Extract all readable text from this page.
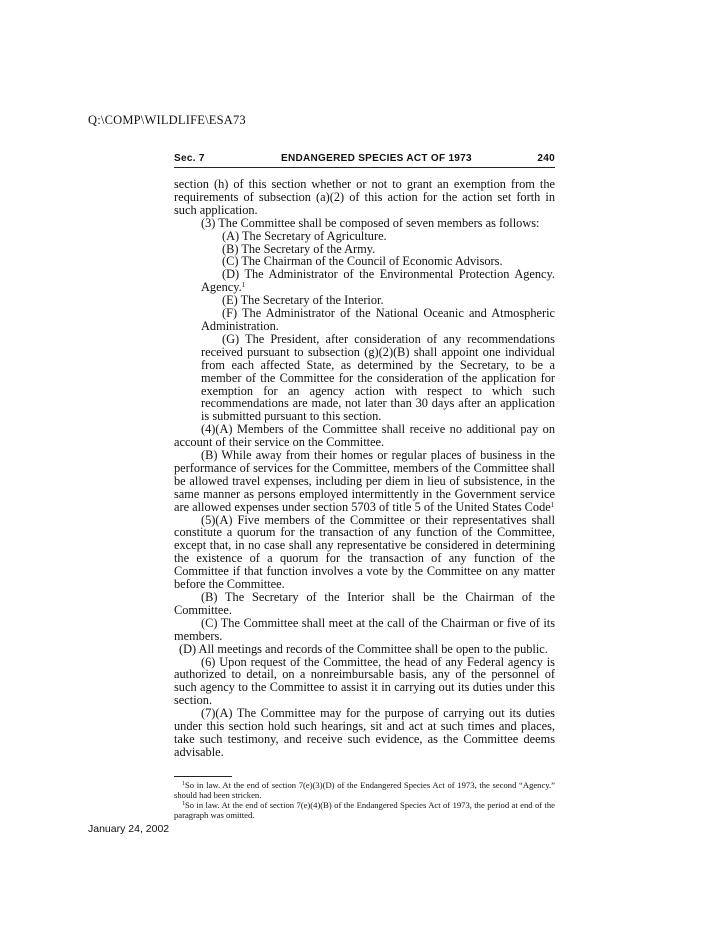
Q:\COMP\WILDLIFE\ESA73
Sec. 7	ENDANGERED SPECIES ACT OF 1973	240

section (h) of this section whether or not to grant an exemption from the requirements of subsection (a)(2) of this action for the action set forth in such application.

(3) The Committee shall be composed of seven members as follows:

(A) The Secretary of Agriculture.

(B) The Secretary of the Army.

(C) The Chairman of the Council of Economic Advisors.

(D) The Administrator of the Environmental Protection Agency. Agency.$^1$

(E) The Secretary of the Interior.

(F) The Administrator of the National Oceanic and Atmospheric Administration.

(G) The President, after consideration of any recommendations received pursuant to subsection (g)(2)(B) shall appoint one individual from each affected State, as determined by the Secretary, to be a member of the Committee for the consideration of the application for exemption for an agency action with respect to which such recommendations are made, not later than 30 days after an application is submitted pursuant to this section.

(4)(A) Members of the Committee shall receive no additional pay on account of their service on the Committee.

(B) While away from their homes or regular places of business in the performance of services for the Committee, members of the Committee shall be allowed travel expenses, including per diem in lieu of subsistence, in the same manner as persons employed intermittently in the Government service are allowed expenses under section 5703 of title 5 of the United States Code$^1$

(5)(A) Five members of the Committee or their representatives shall constitute a quorum for the transaction of any function of the Committee, except that, in no case shall any representative be considered in determining the existence of a quorum for the transaction of any function of the Committee if that function involves a vote by the Committee on any matter before the Committee.

(B) The Secretary of the Interior shall be the Chairman of the Committee.

(C) The Committee shall meet at the call of the Chairman or five of its members.

(D) All meetings and records of the Committee shall be open to the public.

(6) Upon request of the Committee, the head of any Federal agency is authorized to detail, on a nonreimbursable basis, any of the personnel of such agency to the Committee to assist it in carrying out its duties under this section.

(7)(A) The Committee may for the purpose of carrying out its duties under this section hold such hearings, sit and act at such times and places, take such testimony, and receive such evidence, as the Committee deems advisable.

$^1$So in law. At the end of section 7(e)(3)(D) of the Endangered Species Act of 1973, the second “Agency.” should had been stricken.

$^1$So in law. At the end of section 7(e)(4)(B) of the Endangered Species Act of 1973, the period at end of the paragraph was omitted.

January 24, 2002
